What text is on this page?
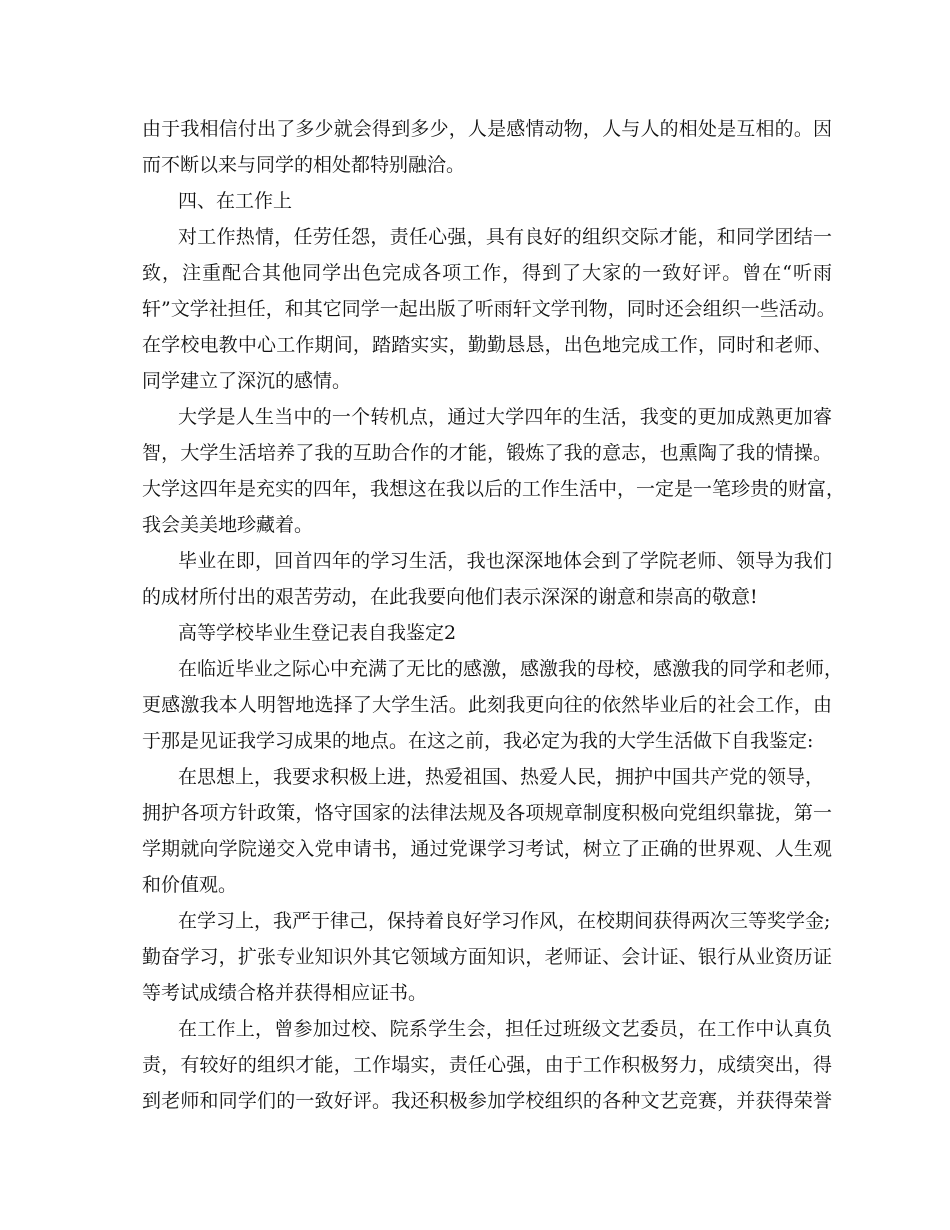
由于我相信付出了多少就会得到多少，人是感情动物，人与人的相处是互相的。因

而不断以来与同学的相处都特别融洽。

四、在工作上

对工作热情，任劳任怨，责任心强，具有良好的组织交际才能，和同学团结一

致，注重配合其他同学出色完成各项工作，得到了大家的一致好评。曾在“听雨

轩”文学社担任，和其它同学一起出版了听雨轩文学刊物，同时还会组织一些活动。

在学校电教中心工作期间，踏踏实实，勤勤恳恳，出色地完成工作，同时和老师、

同学建立了深沉的感情。

大学是人生当中的一个转机点，通过大学四年的生活，我变的更加成熟更加睿

智，大学生活培养了我的互助合作的才能，锻炼了我的意志，也熏陶了我的情操。

大学这四年是充实的四年，我想这在我以后的工作生活中，一定是一笔珍贵的财富，

我会美美地珍藏着。

毕业在即，回首四年的学习生活，我也深深地体会到了学院老师、领导为我们

的成材所付出的艰苦劳动，在此我要向他们表示深深的谢意和崇高的敬意!

高等学校毕业生登记表自我鉴定2

在临近毕业之际心中充满了无比的感激，感激我的母校，感激我的同学和老师，

更感激我本人明智地选择了大学生活。此刻我更向往的依然毕业后的社会工作，由

于那是见证我学习成果的地点。在这之前，我必定为我的大学生活做下自我鉴定:

在思想上，我要求积极上进，热爱祖国、热爱人民，拥护中国共产党的领导，

拥护各项方针政策，恪守国家的法律法规及各项规章制度积极向党组织靠拢，第一

学期就向学院递交入党申请书，通过党课学习考试，树立了正确的世界观、人生观

和价值观。

在学习上，我严于律己，保持着良好学习作风，在校期间获得两次三等奖学金;

勤奋学习，扩张专业知识外其它领域方面知识，老师证、会计证、银行从业资历证

等考试成绩合格并获得相应证书。

在工作上，曾参加过校、院系学生会，担任过班级文艺委员，在工作中认真负

责，有较好的组织才能，工作塌实，责任心强，由于工作积极努力，成绩突出，得

到老师和同学们的一致好评。我还积极参加学校组织的各种文艺竞赛，并获得荣誉
